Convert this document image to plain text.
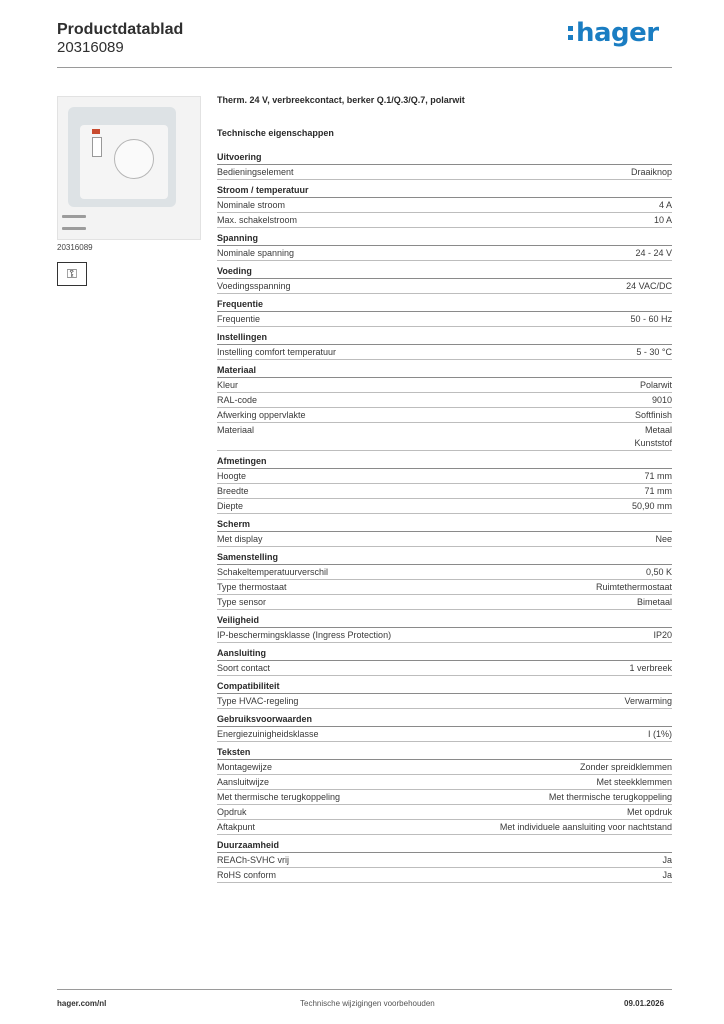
Productdatablad
20316089	hager
20316089
⚿
Therm. 24 V, verbreekcontact, berker Q.1/Q.3/Q.7, polarwit
Technische eigenschappen
Uitvoering
Bedieningselement	Draaiknop
Stroom / temperatuur
Nominale stroom	4 A
Max. schakelstroom	10 A
Spanning
Nominale spanning	24 - 24 V
Voeding
Voedingsspanning	24 VAC/DC
Frequentie
Frequentie	50 - 60 Hz
Instellingen
Instelling comfort temperatuur	5 - 30 °C
Materiaal
Kleur	Polarwit
RAL-code	9010
Afwerking oppervlakte	Softfinish
Materiaal	Metaal
Kunststof
Afmetingen
Hoogte	71 mm
Breedte	71 mm
Diepte	50,90 mm
Scherm
Met display	Nee
Samenstelling
Schakeltemperatuurverschil	0,50 K
Type thermostaat	Ruimtethermostaat
Type sensor	Bimetaal
Veiligheid
IP-beschermingsklasse (Ingress Protection)	IP20
Aansluiting
Soort contact	1 verbreek
Compatibiliteit
Type HVAC-regeling	Verwarming
Gebruiksvoorwaarden
Energiezuinigheidsklasse	I (1%)
Teksten
Montagewijze	Zonder spreidklemmen
Aansluitwijze	Met steekklemmen
Met thermische terugkoppeling	Met thermische terugkoppeling
Opdruk	Met opdruk
Aftakpunt	Met individuele aansluiting voor nachtstand
Duurzaamheid
REACh-SVHC vrij	Ja
RoHS conform	Ja
hager.com/nl	Technische wijzigingen voorbehouden	09.01.2026
